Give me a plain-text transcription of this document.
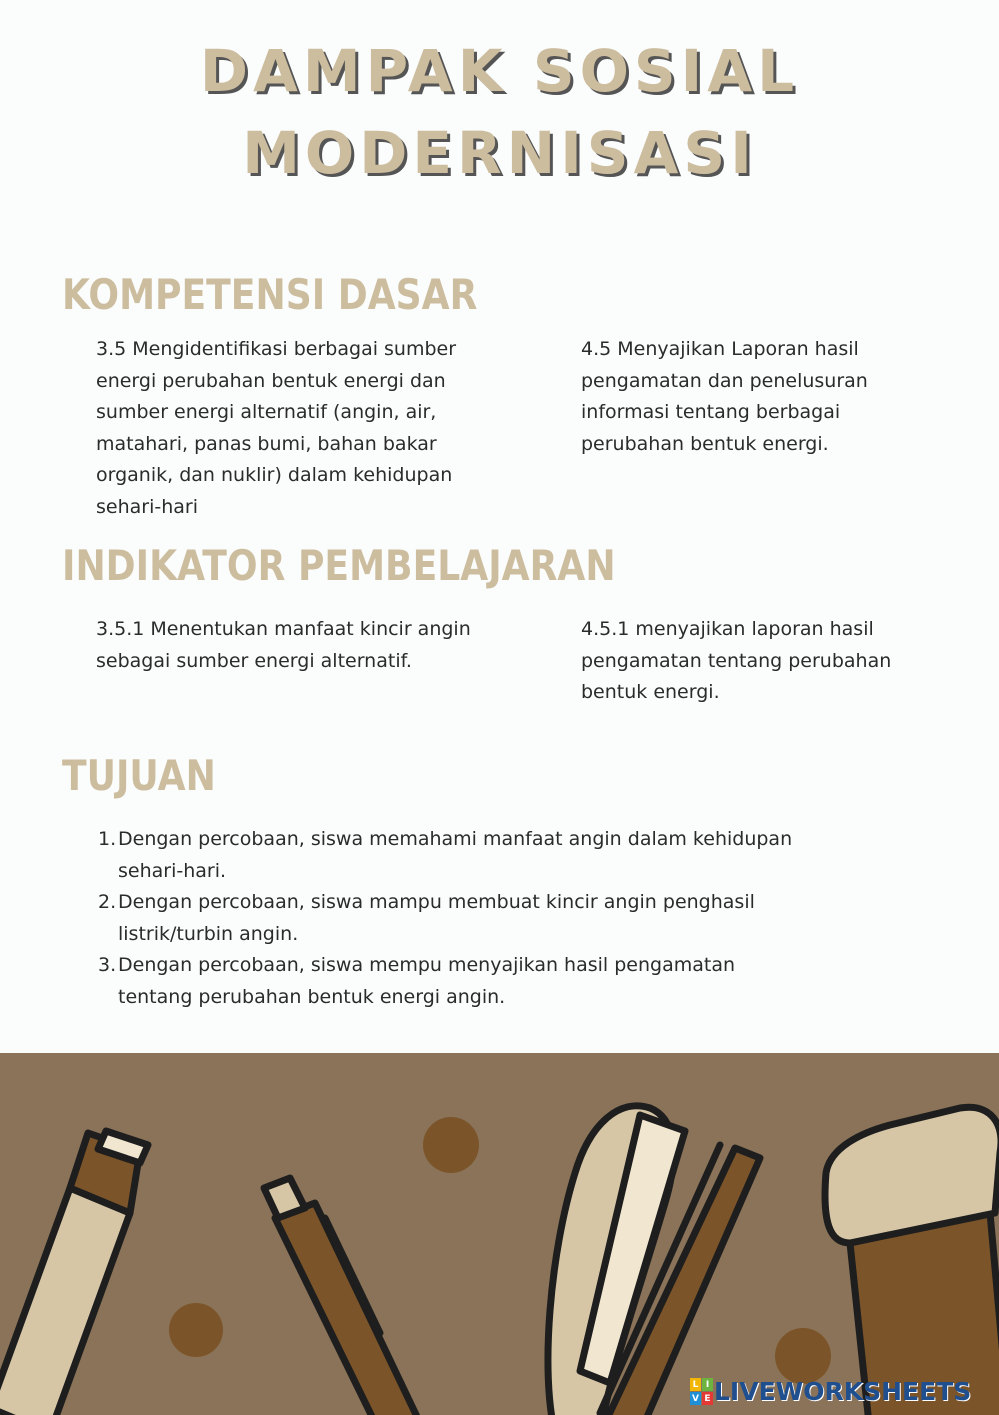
DAMPAK SOSIAL
MODERNISASI
KOMPETENSI DASAR
3.5 Mengidentifikasi berbagai sumber
energi perubahan bentuk energi dan
sumber energi alternatif (angin, air,
matahari, panas bumi, bahan bakar
organik, dan nuklir) dalam kehidupan
sehari-hari
4.5 Menyajikan Laporan hasil
pengamatan dan penelusuran
informasi tentang berbagai
perubahan bentuk energi.
INDIKATOR PEMBELAJARAN
3.5.1 Menentukan manfaat kincir angin
sebagai sumber energi alternatif.
4.5.1 menyajikan laporan hasil
pengamatan tentang perubahan
bentuk energi.
TUJUAN
1. Dengan percobaan, siswa memahami manfaat angin dalam kehidupan
sehari-hari.
2. Dengan percobaan, siswa mampu membuat kincir angin penghasil
listrik/turbin angin.
3. Dengan percobaan, siswa mempu menyajikan hasil pengamatan
tentang perubahan bentuk energi angin.
L I
V E LIVEWORKSHEETS
